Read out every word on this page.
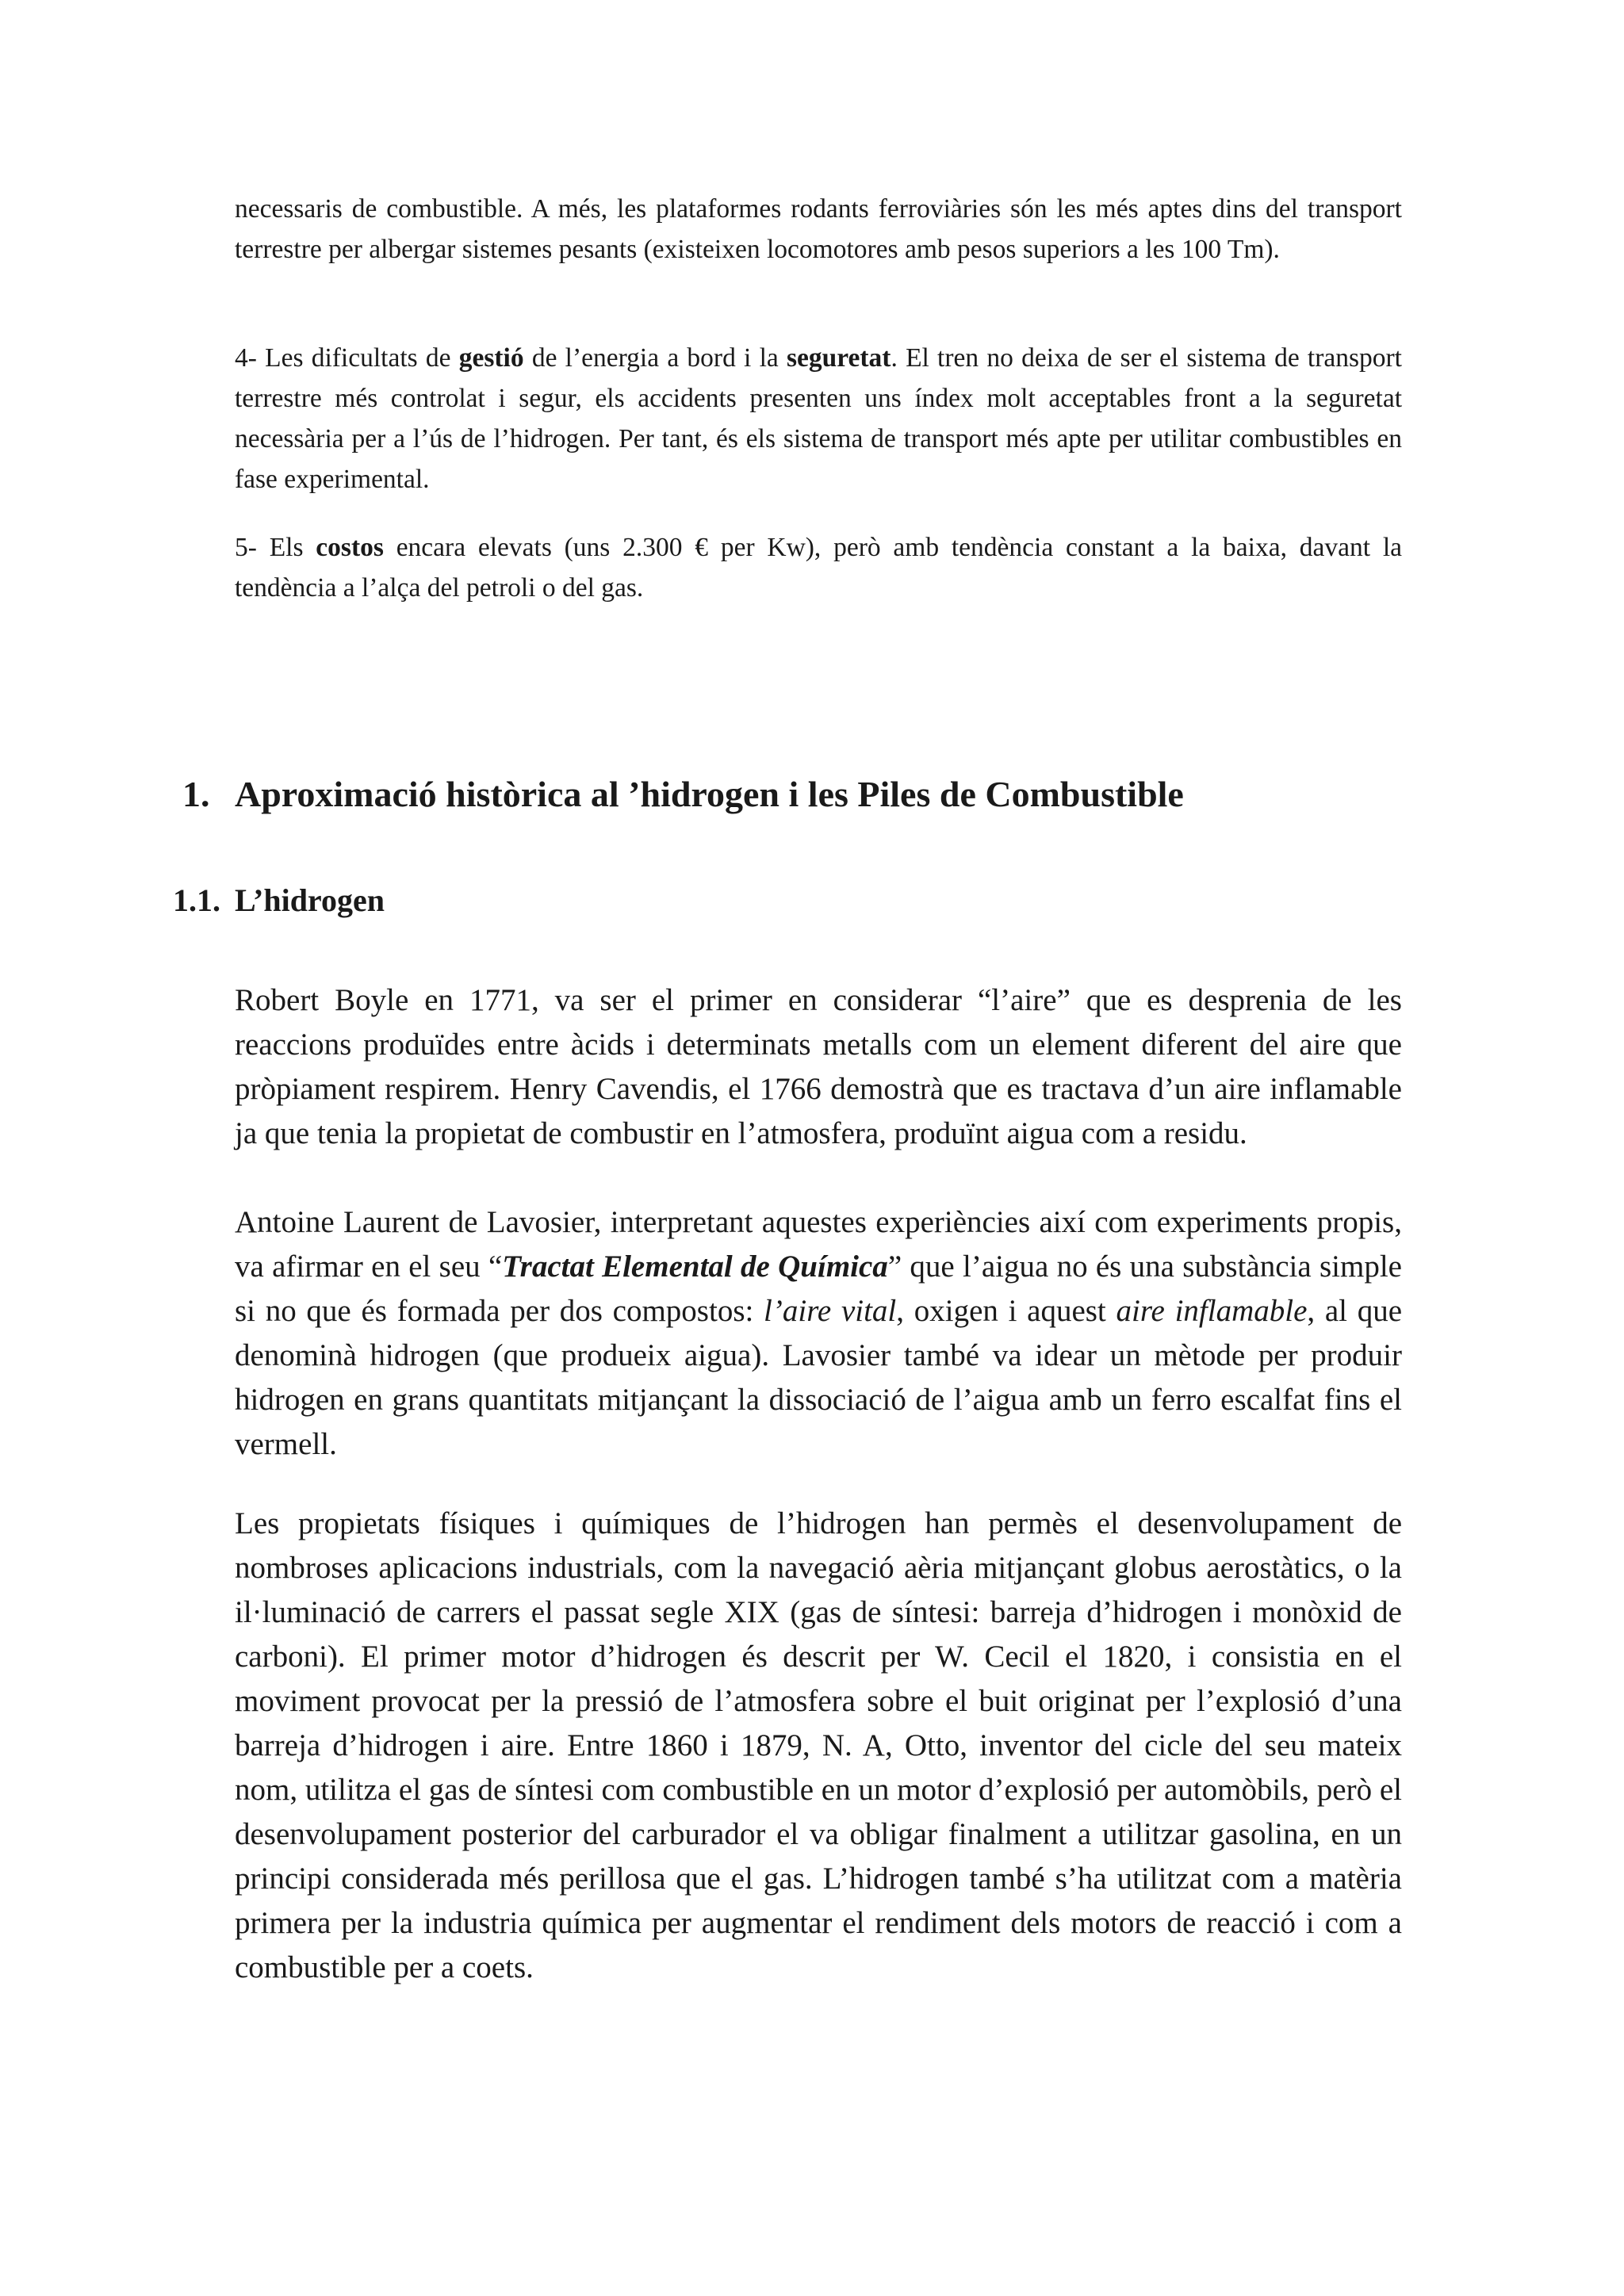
necessaris de combustible. A més, les plataformes rodants ferroviàries són les més aptes dins del transport terrestre per albergar sistemes pesants (existeixen locomotores amb pesos superiors a les 100 Tm).

4- Les dificultats de gestió de l’energia a bord i la seguretat. El tren no deixa de ser el sistema de transport terrestre més controlat i segur, els accidents presenten uns índex molt acceptables front a la seguretat necessària per a l’ús de l’hidrogen. Per tant, és els sistema de transport més apte per utilitar combustibles en fase experimental.

5- Els costos encara elevats (uns 2.300 € per Kw), però amb tendència constant a la baixa, davant la tendència a l’alça del petroli o del gas.

1. Aproximació històrica al ’hidrogen i les Piles de Combustible
1.1. L’hidrogen

Robert Boyle en 1771, va ser el primer en considerar “l’aire” que es desprenia de les reaccions produïdes entre àcids i determinats metalls com un element diferent del aire que pròpiament respirem. Henry Cavendis, el 1766 demostrà que es tractava d’un aire inflamable ja que tenia la propietat de combustir en l’atmosfera, produïnt aigua com a residu.

Antoine Laurent de Lavosier, interpretant aquestes experiències així com experiments propis, va afirmar en el seu “Tractat Elemental de Química” que l’aigua no és una substància simple si no que és formada per dos compostos: l’aire vital, oxigen i aquest aire inflamable, al que denominà hidrogen (que produeix aigua). Lavosier també va idear un mètode per produir hidrogen en grans quantitats mitjançant la dissociació de l’aigua amb un ferro escalfat fins el vermell.

Les propietats físiques i químiques de l’hidrogen han permès el desenvolupament de nombroses aplicacions industrials, com la navegació aèria mitjançant globus aerostàtics, o la il·luminació de carrers el passat segle XIX (gas de síntesi: barreja d’hidrogen i monòxid de carboni). El primer motor d’hidrogen és descrit per W. Cecil el 1820, i consistia en el moviment provocat per la pressió de l’atmosfera sobre el buit originat per l’explosió d’una barreja d’hidrogen i aire. Entre 1860 i 1879, N. A, Otto, inventor del cicle del seu mateix nom, utilitza el gas de síntesi com combustible en un motor d’explosió per automòbils, però el desenvolupament posterior del carburador el va obligar finalment a utilitzar gasolina, en un principi considerada més perillosa que el gas. L’hidrogen també s’ha utilitzat com a matèria primera per la industria química per augmentar el rendiment dels motors de reacció i com a combustible per a coets.
